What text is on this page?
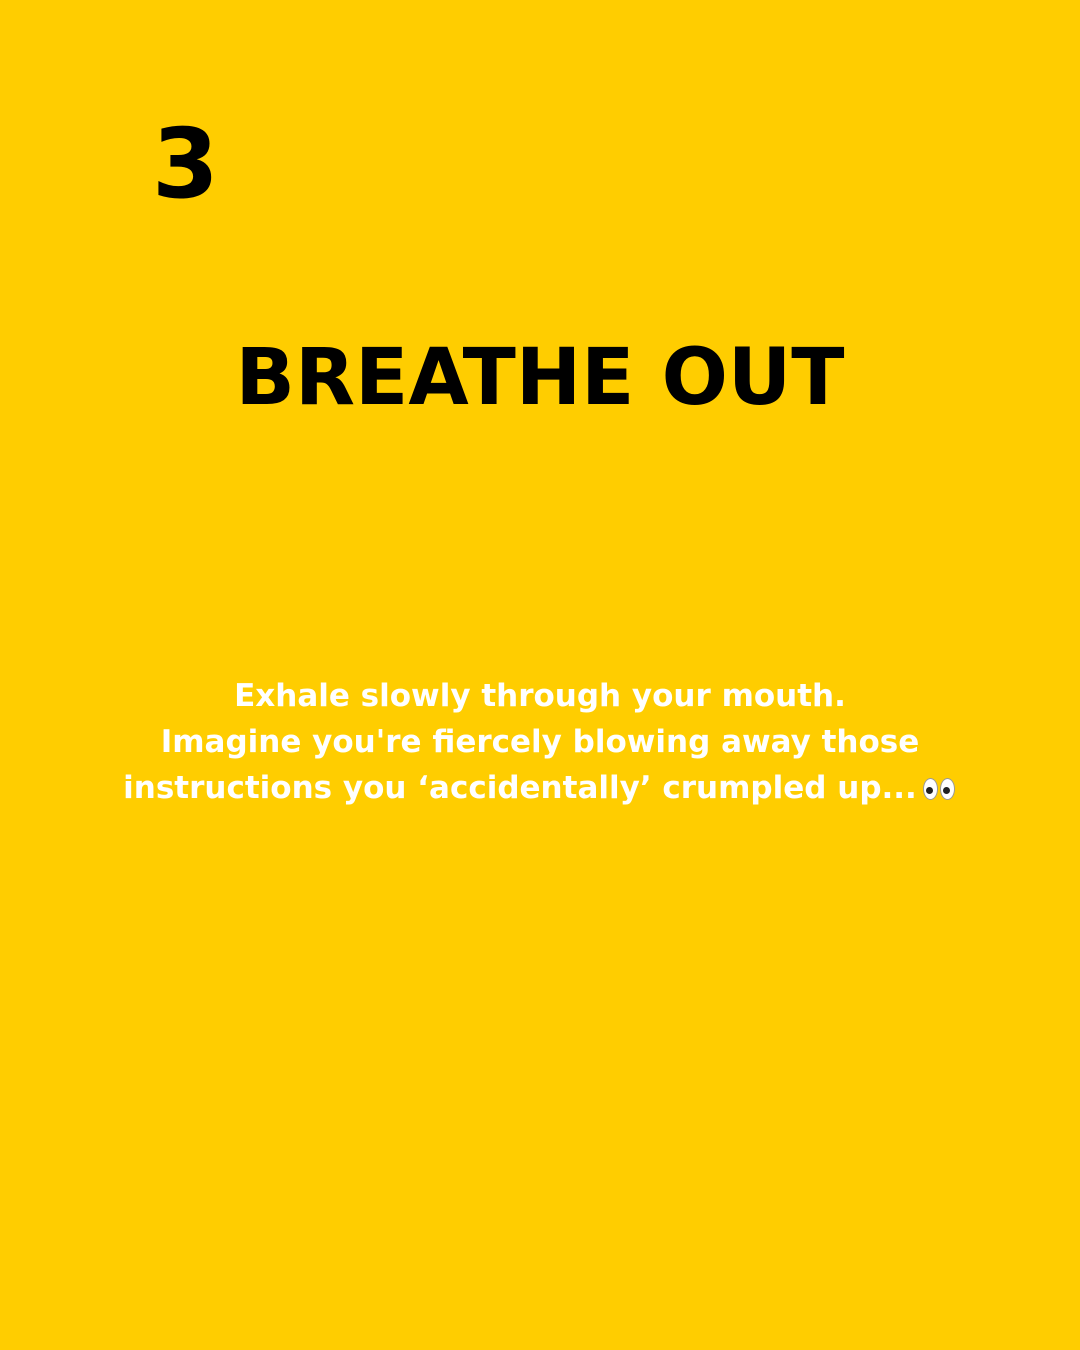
3
BREATHE OUT
Exhale slowly through your mouth.
Imagine you're fiercely blowing away those
instructions you ‘accidentally’ crumpled up...
